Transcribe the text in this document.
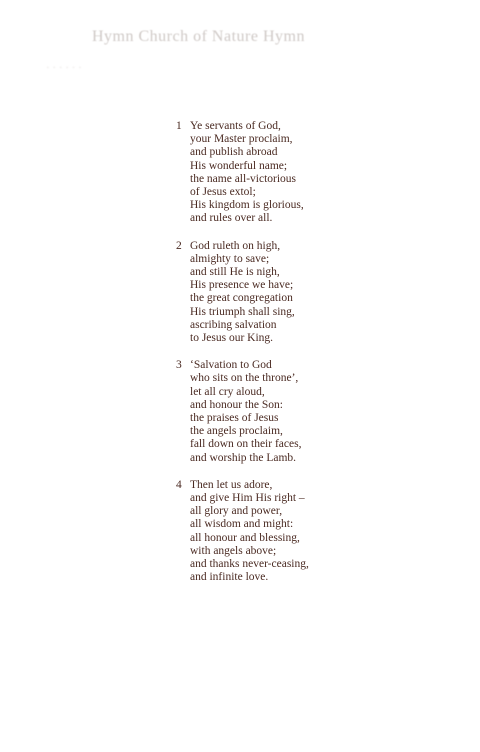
Hymn Church of Nature Hymn
· · · · · ·
1 Ye servants of God,
your Master proclaim,
and publish abroad
His wonderful name;
the name all-victorious
of Jesus extol;
His kingdom is glorious,
and rules over all.
2 God ruleth on high,
almighty to save;
and still He is nigh,
His presence we have;
the great congregation
His triumph shall sing,
ascribing salvation
to Jesus our King.
3 ‘Salvation to God
who sits on the throne’,
let all cry aloud,
and honour the Son:
the praises of Jesus
the angels proclaim,
fall down on their faces,
and worship the Lamb.
4 Then let us adore,
and give Him His right –
all glory and power,
all wisdom and might:
all honour and blessing,
with angels above;
and thanks never-ceasing,
and infinite love.
